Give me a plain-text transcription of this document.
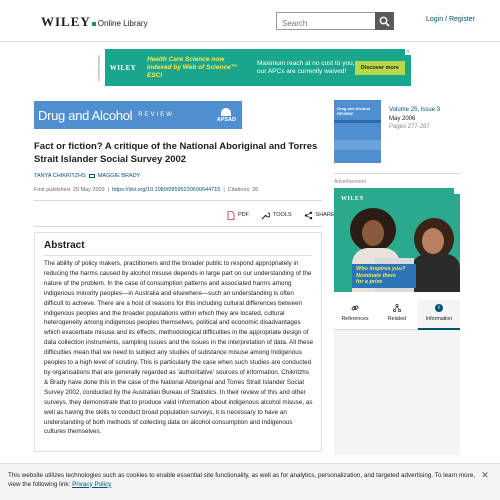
WILEY Online Library
Search	Login / Register
Advertisement	WILEY
Health Care Science now indexed by Web of Science™ ESCI
Maximum reach at no cost to you, our APCs are currently waived!	Discover more
×
Drug and Alcohol	REVIEW
APSAD
Fact or fiction? A critique of the National Aboriginal and Torres Strait Islander Social Survey 2002
TANYA CHIKRITZHS MAGGIE BRADY
First published: 29 May 2009 | https://doi.org/10.1080/09595230600644715 | Citations: 36
PDF	TOOLS	SHARE
Abstract

The ability of policy makers, practitioners and the broader public to respond appropriately in reducing the harms caused by alcohol misuse depends in large part on our understanding of the nature of the problem. In the case of consumption patterns and associated harms among indigenous minority peoples—in Australia and elsewhere—such an understanding is often difficult to achieve. There are a host of reasons for this including cultural differences between indigenous peoples and the broader populations within which they are located, cultural heterogeneity among indigenous peoples themselves, political and economic disadvantages which exacerbate misuse and its effects, methodological difficulties in the appropriate design of data collection instruments, sampling issues and the issues in the interpretation of data. All these difficulties mean that we need to subject any studies of substance misuse among Indigenous peoples to a high level of scrutiny. This is particularly the case when such studies are conducted by organisations that are generally regarded as 'authoritative' sources of information. Chikritzhs & Brady have done this in the case of the National Aboriginal and Torres Strait Islander Social Survey 2002, conducted by the Australian Bureau of Statistics. In their review of this and other surveys, they demonstrate that to produce valid information about indigenous alcohol misuse, as well as having the skills to conduct broad population surveys, it is necessary to have an understanding of both methods of collecting data on alcohol consumption and Indigenous cultures themselves.

Drug and Alcohol REVIEW
Volume 25, Issue 3
May 2006
Pages 277-287
Advertisement
WILEY
Who inspires you?
Nominate them
for a prize
References	Related
i
Information
This website utilizes technologies such as cookies to enable essential site functionality, as well as for analytics, personalization, and targeted advertising. To learn more, view the following link: Privacy Policy
✕
